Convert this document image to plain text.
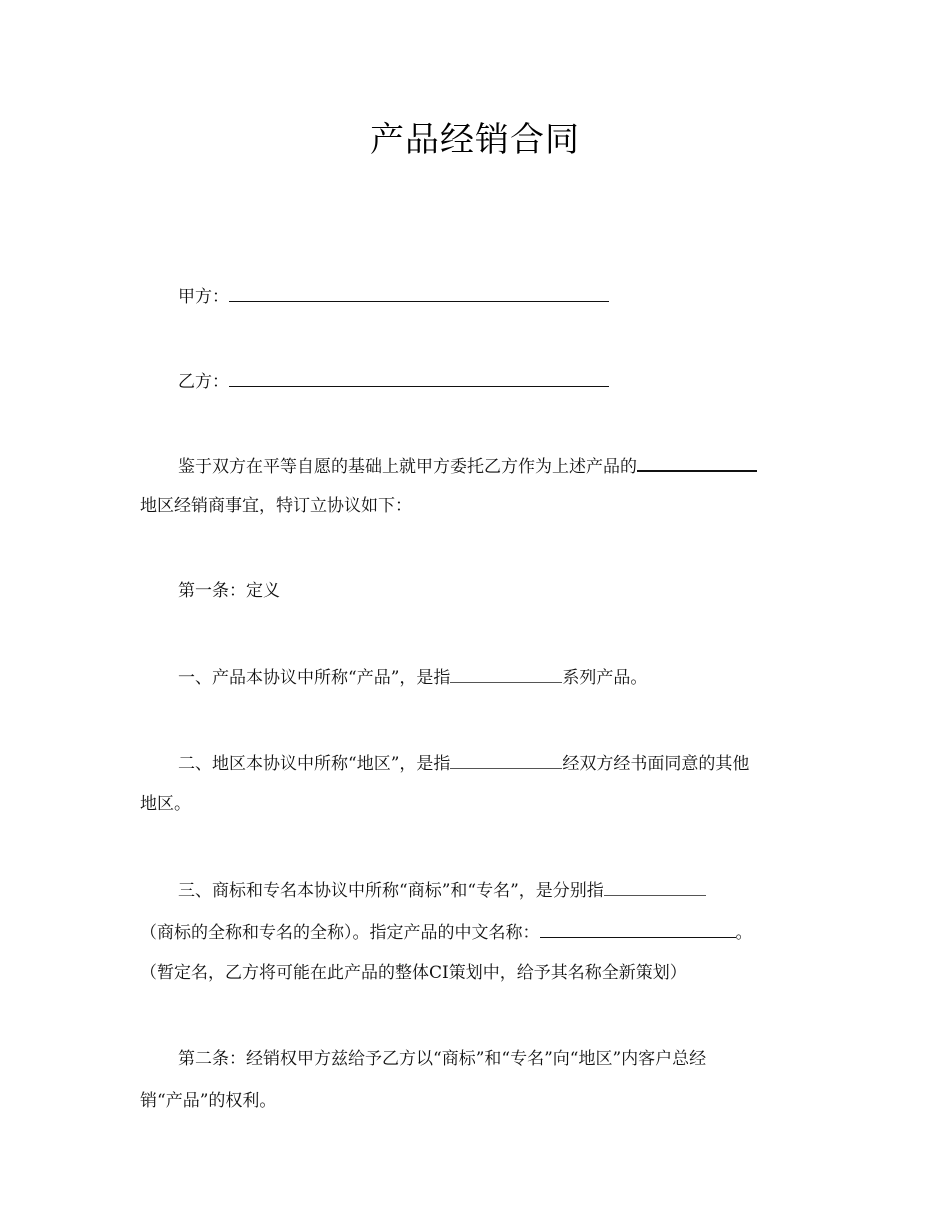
产品经销合同
甲方：
乙方：
鉴于双方在平等自愿的基础上就甲方委托乙方作为上述产品的
地区经销商事宜，特订立协议如下：
第一条：定义
一、产品本协议中所称“产品”，是指	系列产品。
二、地区本协议中所称“地区”，是指	经双方经书面同意的其他
地区。
三、商标和专名本协议中所称“商标”和“专名”，是分别指
（商标的全称和专名的全称）。指定产品的中文名称：	。
（暂定名，乙方将可能在此产品的整体CI策划中，给予其名称全新策划）
第二条：经销权甲方兹给予乙方以“商标”和“专名”向“地区”内客户总经
销“产品”的权利。
